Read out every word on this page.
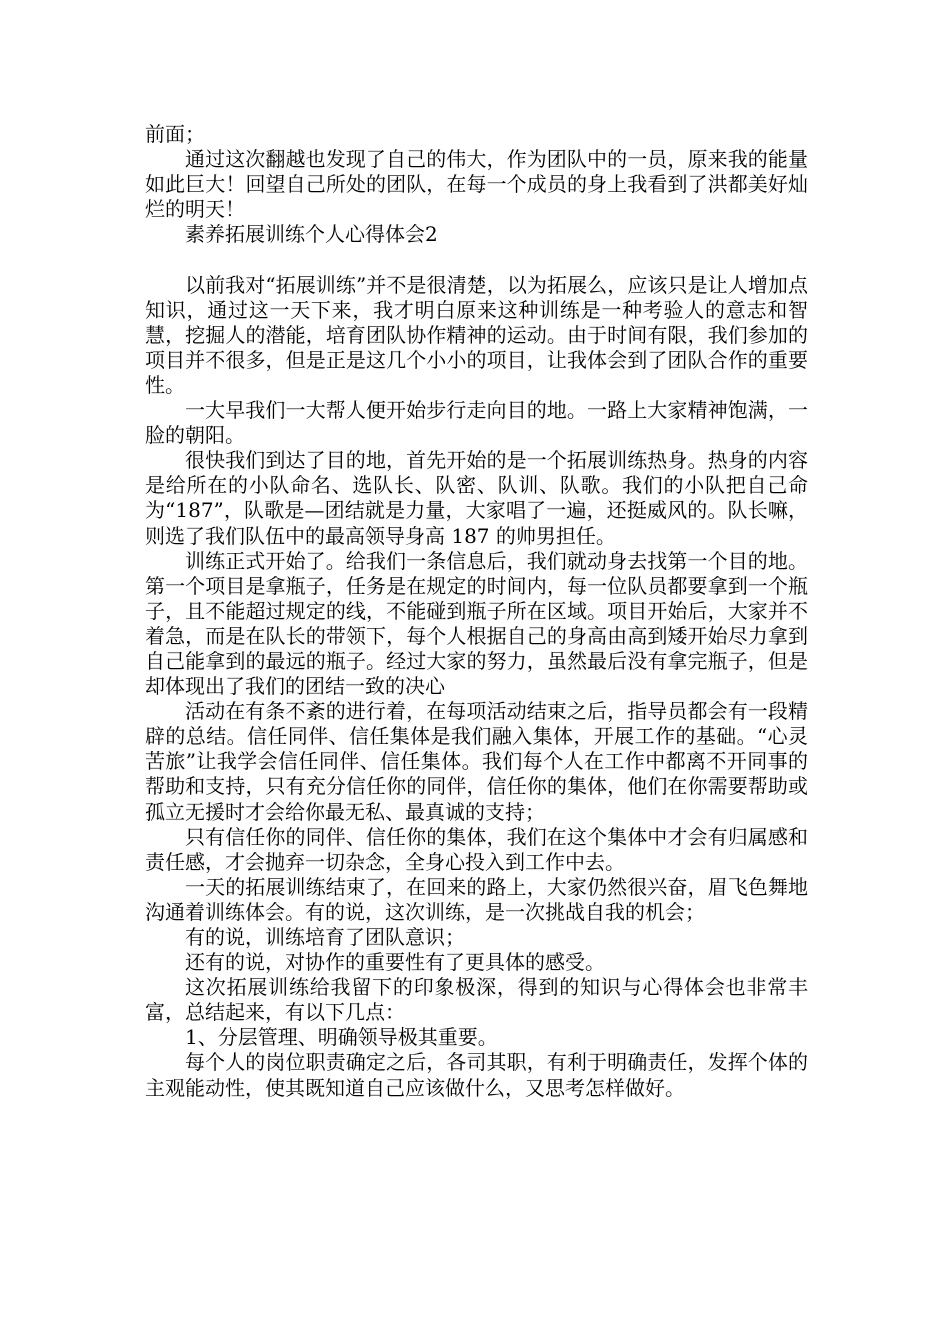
前面；

通过这次翻越也发现了自己的伟大，作为团队中的一员，原来我的能量如此巨大！回望自己所处的团队，在每一个成员的身上我看到了洪都美好灿烂的明天！

素养拓展训练个人心得体会2

以前我对“拓展训练”并不是很清楚，以为拓展么，应该只是让人增加点知识，通过这一天下来，我才明白原来这种训练是一种考验人的意志和智慧，挖掘人的潜能，培育团队协作精神的运动。由于时间有限，我们参加的项目并不很多，但是正是这几个小小的项目，让我体会到了团队合作的重要性。

一大早我们一大帮人便开始步行走向目的地。一路上大家精神饱满，一脸的朝阳。

很快我们到达了目的地，首先开始的是一个拓展训练热身。热身的内容是给所在的小队命名、选队长、队密、队训、队歌。我们的小队把自己命为“187”，队歌是—团结就是力量，大家唱了一遍，还挺威风的。队长嘛，则选了我们队伍中的最高领导身高 187 的帅男担任。

训练正式开始了。给我们一条信息后，我们就动身去找第一个目的地。第一个项目是拿瓶子，任务是在规定的时间内，每一位队员都要拿到一个瓶子，且不能超过规定的线，不能碰到瓶子所在区域。项目开始后，大家并不着急，而是在队长的带领下，每个人根据自己的身高由高到矮开始尽力拿到自己能拿到的最远的瓶子。经过大家的努力，虽然最后没有拿完瓶子，但是却体现出了我们的团结一致的决心

活动在有条不紊的进行着，在每项活动结束之后，指导员都会有一段精辟的总结。信任同伴、信任集体是我们融入集体，开展工作的基础。“心灵苦旅”让我学会信任同伴、信任集体。我们每个人在工作中都离不开同事的帮助和支持，只有充分信任你的同伴，信任你的集体，他们在你需要帮助或孤立无援时才会给你最无私、最真诚的支持；

只有信任你的同伴、信任你的集体，我们在这个集体中才会有归属感和责任感，才会抛弃一切杂念，全身心投入到工作中去。

一天的拓展训练结束了，在回来的路上，大家仍然很兴奋，眉飞色舞地沟通着训练体会。有的说，这次训练，是一次挑战自我的机会；

有的说，训练培育了团队意识；

还有的说，对协作的重要性有了更具体的感受。

这次拓展训练给我留下的印象极深，得到的知识与心得体会也非常丰富，总结起来，有以下几点：

1、分层管理、明确领导极其重要。

每个人的岗位职责确定之后，各司其职，有利于明确责任，发挥个体的主观能动性，使其既知道自己应该做什么，又思考怎样做好。
